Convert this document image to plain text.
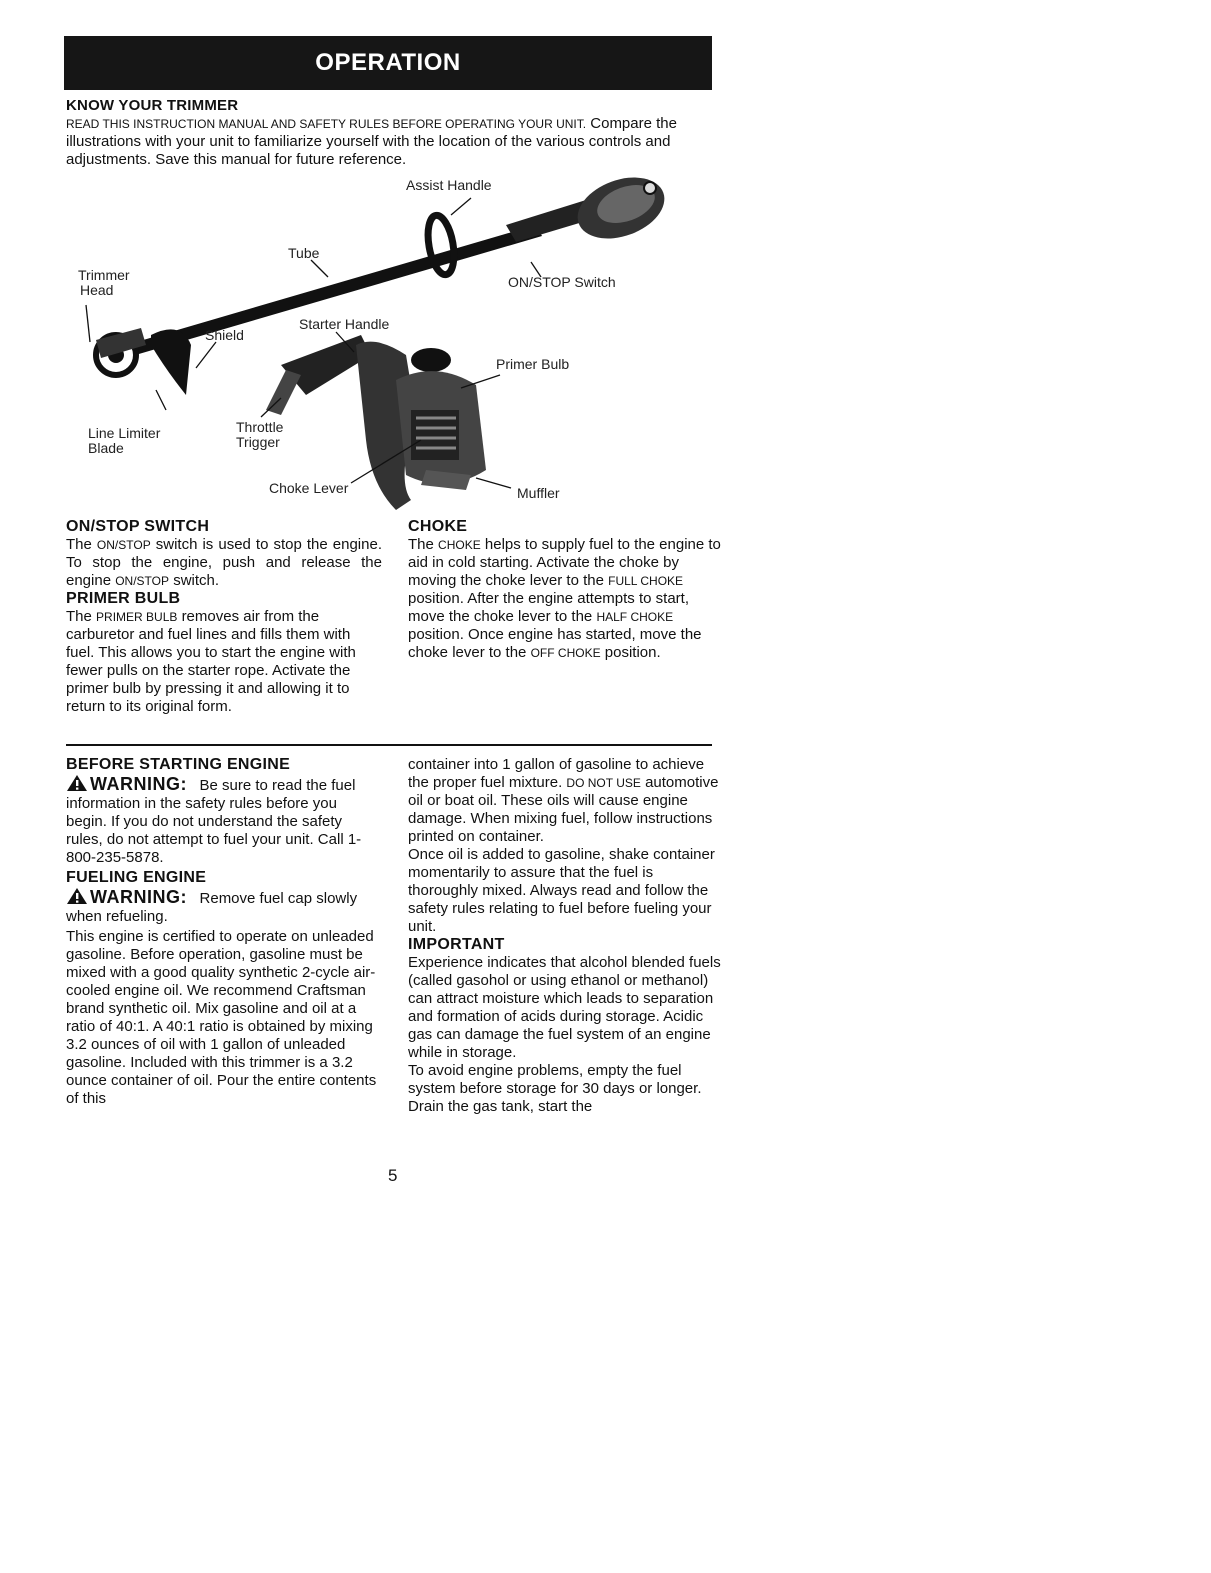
OPERATION
KNOW YOUR TRIMMER
READ THIS INSTRUCTION MANUAL AND SAFETY RULES BEFORE OPERATING YOUR UNIT. Compare the illustrations with your unit to familiarize yourself with the location of the various controls and adjustments. Save this manual for future reference.
Assist Handle
Tube
Trimmer
Head	ON/STOP Switch
Starter Handle
Shield
Primer Bulb
Line Limiter
Blade
Throttle
Trigger
Choke Lever	Muffler

ON/STOP SWITCH

The ON/STOP switch is used to stop the engine. To stop the engine, push and release the engine ON/STOP switch.

PRIMER BULB

The PRIMER BULB removes air from the carburetor and fuel lines and fills them with fuel. This allows you to start the engine with fewer pulls on the starter rope. Activate the primer bulb by pressing it and allowing it to return to its original form.

CHOKE

The CHOKE helps to supply fuel to the engine to aid in cold starting. Activate the choke by moving the choke lever to the FULL CHOKE position. After the engine attempts to start, move the choke lever to the HALF CHOKE position. Once engine has started, move the choke lever to the OFF CHOKE position.

BEFORE STARTING ENGINE

WARNING: Be sure to read the fuel information in the safety rules before you begin. If you do not understand the safety rules, do not attempt to fuel your unit. Call 1-800-235-5878.

FUELING ENGINE

WARNING: Remove fuel cap slowly when refueling.

This engine is certified to operate on unleaded gasoline. Before operation, gasoline must be mixed with a good quality synthetic 2-cycle air-cooled engine oil. We recommend Craftsman brand synthetic oil. Mix gasoline and oil at a ratio of 40:1. A 40:1 ratio is obtained by mixing 3.2 ounces of oil with 1 gallon of unleaded gasoline. Included with this trimmer is a 3.2 ounce container of oil. Pour the entire contents of this

container into 1 gallon of gasoline to achieve the proper fuel mixture. DO NOT USE automotive oil or boat oil. These oils will cause engine damage. When mixing fuel, follow instructions printed on container.

Once oil is added to gasoline, shake container momentarily to assure that the fuel is thoroughly mixed. Always read and follow the safety rules relating to fuel before fueling your unit.

IMPORTANT

Experience indicates that alcohol blended fuels (called gasohol or using ethanol or methanol) can attract moisture which leads to separation and formation of acids during storage. Acidic gas can damage the fuel system of an engine while in storage.

To avoid engine problems, empty the fuel system before storage for 30 days or longer. Drain the gas tank, start the

5
